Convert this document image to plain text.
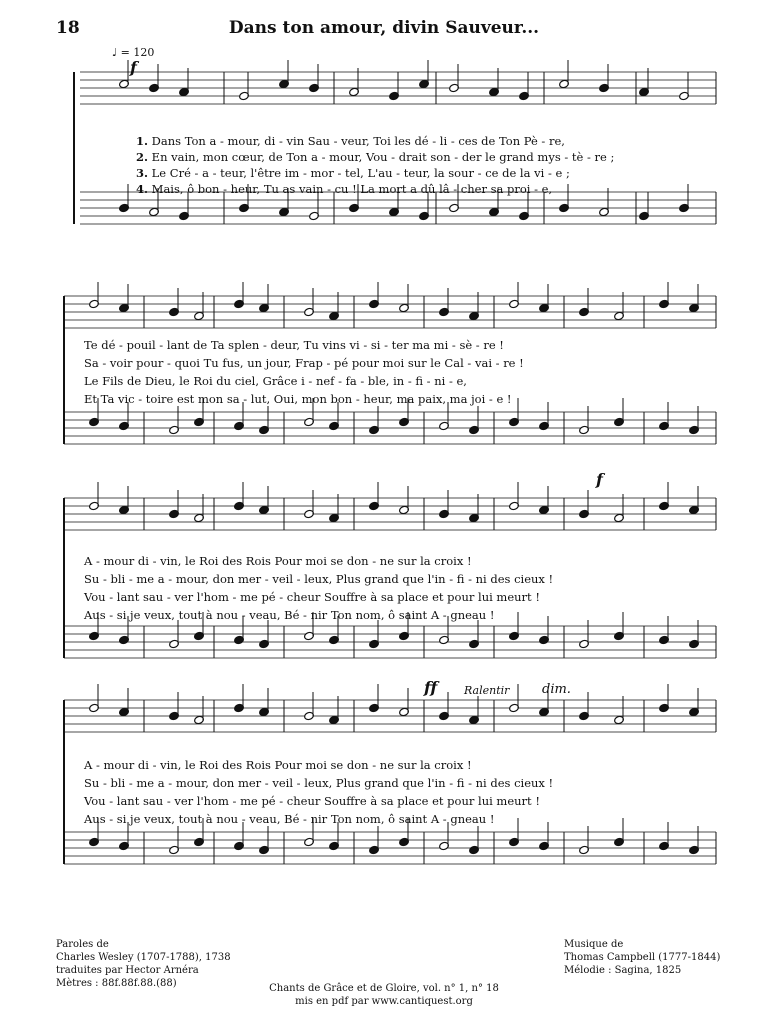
18	Dans ton amour, divin Sauveur...
♩ = 120
f
1. Dans Ton a - mour, di - vin Sau - veur, Toi les dé - li - ces de Ton Pè - re,
2. En vain, mon cœur, de Ton a - mour, Vou - drait son - der le grand mys - tè - re ;
3. Le Cré - a - teur, l'être im - mor - tel, L'au - teur, la sour - ce de la vi - e ;
4. Mais, ô bon - heur, Tu as vain - cu ! La mort a dû lâ - cher sa proi - e,
Te dé - pouil - lant de Ta splen - deur, Tu vins vi - si - ter ma mi - sè - re !
Sa - voir pour - quoi Tu fus, un jour, Frap - pé pour moi sur le Cal - vai - re !
Le Fils de Dieu, le Roi du ciel, Grâce i - nef - fa - ble, in - fi - ni - e,
Et Ta vic - toire est mon sa - lut, Oui, mon bon - heur, ma paix, ma joi - e !
f
A - mour di - vin, le Roi des Rois Pour moi se don - ne sur la croix !
Su - bli - me a - mour, don mer - veil - leux, Plus grand que l'in - fi - ni des cieux !
Vou - lant sau - ver l'hom - me pé - cheur Souffre à sa place et pour lui meurt !
Aus - si je veux, tout à nou - veau, Bé - nir Ton nom, ô saint A - gneau !
ff Ralentir	dim.
A - mour di - vin, le Roi des Rois Pour moi se don - ne sur la croix !
Su - bli - me a - mour, don mer - veil - leux, Plus grand que l'in - fi - ni des cieux !
Vou - lant sau - ver l'hom - me pé - cheur Souffre à sa place et pour lui meurt !
Aus - si je veux, tout à nou - veau, Bé - nir Ton nom, ô saint A - gneau !
Paroles de
Charles Wesley (1707-1788), 1738
traduites par Hector Arnéra
Mètres : 88f.88f.88.(88)	Chants de Grâce et de Gloire, vol. n° 1, n° 18
mis en pdf par www.cantiquest.org
Musique de
Thomas Campbell (1777-1844)
Mélodie : Sagina, 1825
